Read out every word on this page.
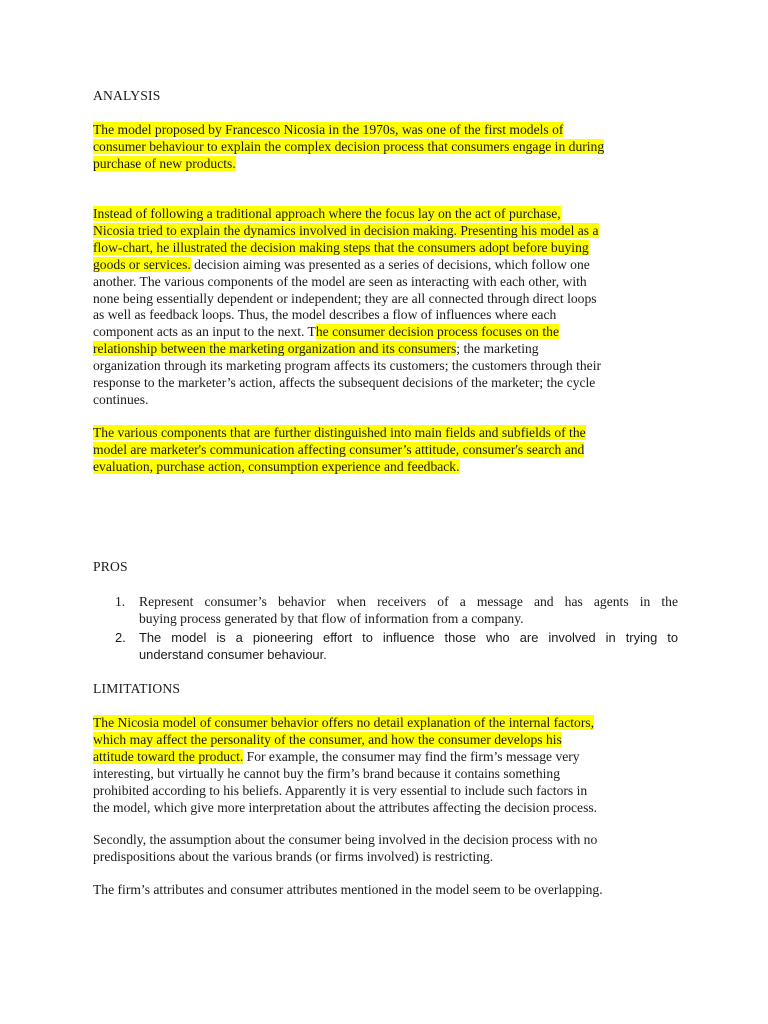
ANALYSIS
The model proposed by Francesco Nicosia in the 1970s, was one of the first models of
consumer behaviour to explain the complex decision process that consumers engage in during
purchase of new products.
Instead of following a traditional approach where the focus lay on the act of purchase,
Nicosia tried to explain the dynamics involved in decision making. Presenting his model as a
flow-chart, he illustrated the decision making steps that the consumers adopt before buying
goods or services. decision aiming was presented as a series of decisions, which follow one
another. The various components of the model are seen as interacting with each other, with
none being essentially dependent or independent; they are all connected through direct loops
as well as feedback loops. Thus, the model describes a flow of influences where each
component acts as an input to the next. The consumer decision process focuses on the
relationship between the marketing organization and its consumers; the marketing
organization through its marketing program affects its customers; the customers through their
response to the marketer’s action, affects the subsequent decisions of the marketer; the cycle
continues.
The various components that are further distinguished into main fields and subfields of the
model are marketer's communication affecting consumer’s attitude, consumer's search and
evaluation, purchase action, consumption experience and feedback.
PROS
1. Represent consumer’s behavior when receivers of a message and has agents in the
buying process generated by that flow of information from a company.
2. The model is a pioneering effort to influence those who are involved in trying to
understand consumer behaviour.
LIMITATIONS
The Nicosia model of consumer behavior offers no detail explanation of the internal factors,
which may affect the personality of the consumer, and how the consumer develops his
attitude toward the product. For example, the consumer may find the firm’s message very
interesting, but virtually he cannot buy the firm’s brand because it contains something
prohibited according to his beliefs. Apparently it is very essential to include such factors in
the model, which give more interpretation about the attributes affecting the decision process.
Secondly, the assumption about the consumer being involved in the decision process with no
predispositions about the various brands (or firms involved) is restricting.
The firm’s attributes and consumer attributes mentioned in the model seem to be overlapping.
